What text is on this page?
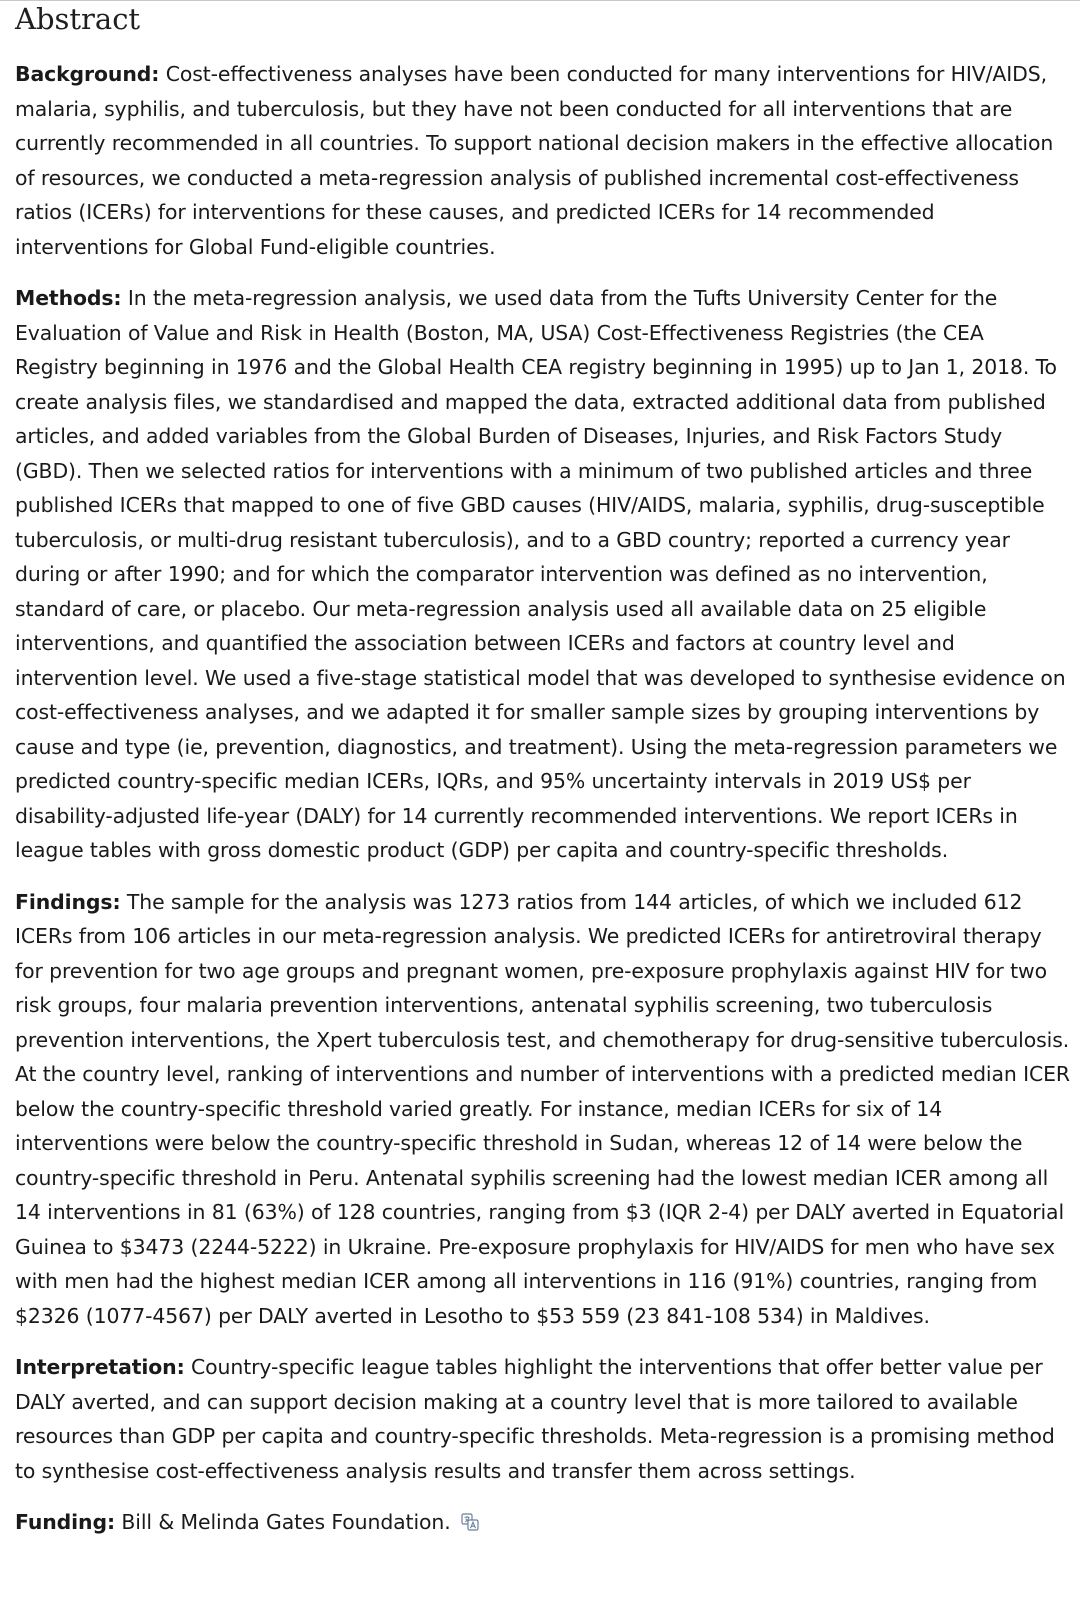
Abstract

Background: Cost-effectiveness analyses have been conducted for many interventions for HIV/AIDS, malaria, syphilis, and tuberculosis, but they have not been conducted for all interventions that are currently recommended in all countries. To support national decision makers in the effective allocation of resources, we conducted a meta-regression analysis of published incremental cost-effectiveness ratios (ICERs) for interventions for these causes, and predicted ICERs for 14 recommended interventions for Global Fund-eligible countries.

Methods: In the meta-regression analysis, we used data from the Tufts University Center for the Evaluation of Value and Risk in Health (Boston, MA, USA) Cost-Effectiveness Registries (the CEA Registry beginning in 1976 and the Global Health CEA registry beginning in 1995) up to Jan 1, 2018. To create analysis files, we standardised and mapped the data, extracted additional data from published articles, and added variables from the Global Burden of Diseases, Injuries, and Risk Factors Study (GBD). Then we selected ratios for interventions with a minimum of two published articles and three published ICERs that mapped to one of five GBD causes (HIV/AIDS, malaria, syphilis, drug-susceptible tuberculosis, or multi-drug resistant tuberculosis), and to a GBD country; reported a currency year during or after 1990; and for which the comparator intervention was defined as no intervention, standard of care, or placebo. Our meta-regression analysis used all available data on 25 eligible interventions, and quantified the association between ICERs and factors at country level and intervention level. We used a five-stage statistical model that was developed to synthesise evidence on cost-effectiveness analyses, and we adapted it for smaller sample sizes by grouping interventions by cause and type (ie, prevention, diagnostics, and treatment). Using the meta-regression parameters we predicted country-specific median ICERs, IQRs, and 95% uncertainty intervals in 2019 US$ per disability-adjusted life-year (DALY) for 14 currently recommended interventions. We report ICERs in league tables with gross domestic product (GDP) per capita and country-specific thresholds.

Findings: The sample for the analysis was 1273 ratios from 144 articles, of which we included 612 ICERs from 106 articles in our meta-regression analysis. We predicted ICERs for antiretroviral therapy for prevention for two age groups and pregnant women, pre-exposure prophylaxis against HIV for two risk groups, four malaria prevention interventions, antenatal syphilis screening, two tuberculosis prevention interventions, the Xpert tuberculosis test, and chemotherapy for drug-sensitive tuberculosis. At the country level, ranking of interventions and number of interventions with a predicted median ICER below the country-specific threshold varied greatly. For instance, median ICERs for six of 14 interventions were below the country-specific threshold in Sudan, whereas 12 of 14 were below the country-specific threshold in Peru. Antenatal syphilis screening had the lowest median ICER among all 14 interventions in 81 (63%) of 128 countries, ranging from $3 (IQR 2-4) per DALY averted in Equatorial Guinea to $3473 (2244-5222) in Ukraine. Pre-exposure prophylaxis for HIV/AIDS for men who have sex with men had the highest median ICER among all interventions in 116 (91%) countries, ranging from $2326 (1077-4567) per DALY averted in Lesotho to $53 559 (23 841-108 534) in Maldives.

Interpretation: Country-specific league tables highlight the interventions that offer better value per DALY averted, and can support decision making at a country level that is more tailored to available resources than GDP per capita and country-specific thresholds. Meta-regression is a promising method to synthesise cost-effectiveness analysis results and transfer them across settings.

Funding: Bill & Melinda Gates Foundation.
